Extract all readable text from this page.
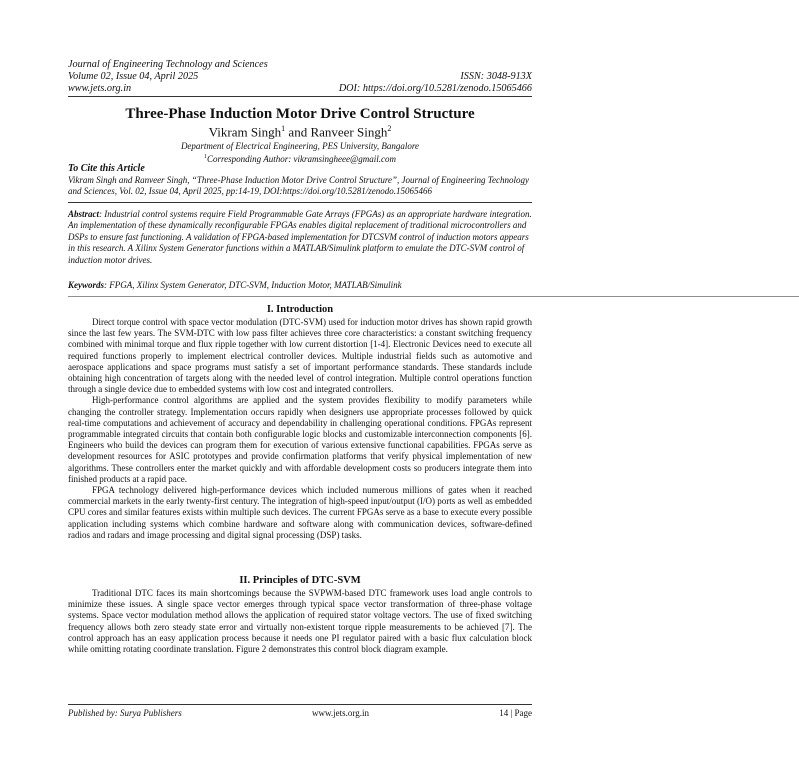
Journal of Engineering Technology and Sciences
Volume 02, Issue 04, April 2025	ISSN: 3048-913X
www.jets.org.in	DOI: https://doi.org/10.5281/zenodo.15065466
Three-Phase Induction Motor Drive Control Structure
Vikram Singh$^1$ and Ranveer Singh$^2$
Department of Electrical Engineering, PES University, Bangalore
$^1$Corresponding Author: vikramsingheee@gmail.com
To Cite this Article
Vikram Singh and Ranveer Singh, “Three-Phase Induction Motor Drive Control Structure”, Journal of Engineering Technology and Sciences, Vol. 02, Issue 04, April 2025, pp:14-19, DOI:https://doi.org/10.5281/zenodo.15065466
Abstract: Industrial control systems require Field Programmable Gate Arrays (FPGAs) as an appropriate hardware integration. An implementation of these dynamically reconfigurable FPGAs enables digital replacement of traditional microcontrollers and DSPs to ensure fast functioning. A validation of FPGA-based implementation for DTCSVM control of induction motors appears in this research. A Xilinx System Generator functions within a MATLAB/Simulink platform to emulate the DTC-SVM control of induction motor drives.
Keywords: FPGA, Xilinx System Generator, DTC-SVM, Induction Motor, MATLAB/Simulink
——————————————————————————————————————————————————————————————————————————————————————
I. Introduction

Direct torque control with space vector modulation (DTC-SVM) used for induction motor drives has shown rapid growth since the last few years. The SVM-DTC with low pass filter achieves three core characteristics: a constant switching frequency combined with minimal torque and flux ripple together with low current distortion [1-4]. Electronic Devices need to execute all required functions properly to implement electrical controller devices. Multiple industrial fields such as automotive and aerospace applications and space programs must satisfy a set of important performance standards. These standards include obtaining high concentration of targets along with the needed level of control integration. Multiple control operations function through a single device due to embedded systems with low cost and integrated controllers.

High-performance control algorithms are applied and the system provides flexibility to modify parameters while changing the controller strategy. Implementation occurs rapidly when designers use appropriate processes followed by quick real-time computations and achievement of accuracy and dependability in challenging operational conditions. FPGAs represent programmable integrated circuits that contain both configurable logic blocks and customizable interconnection components [6]. Engineers who build the devices can program them for execution of various extensive functional capabilities. FPGAs serve as development resources for ASIC prototypes and provide confirmation platforms that verify physical implementation of new algorithms. These controllers enter the market quickly and with affordable development costs so producers integrate them into finished products at a rapid pace.

FPGA technology delivered high-performance devices which included numerous millions of gates when it reached commercial markets in the early twenty-first century. The integration of high-speed input/output (I/O) ports as well as embedded CPU cores and similar features exists within multiple such devices. The current FPGAs serve as a base to execute every possible application including systems which combine hardware and software along with communication devices, software-defined radios and radars and image processing and digital signal processing (DSP) tasks.

II. Principles of DTC-SVM

Traditional DTC faces its main shortcomings because the SVPWM-based DTC framework uses load angle controls to minimize these issues. A single space vector emerges through typical space vector transformation of three-phase voltage systems. Space vector modulation method allows the application of required stator voltage vectors. The use of fixed switching frequency allows both zero steady state error and virtually non-existent torque ripple measurements to be achieved [7]. The control approach has an easy application process because it needs one PI regulator paired with a basic flux calculation block while omitting rotating coordinate translation. Figure 2 demonstrates this control block diagram example.

Published by: Surya Publishers	www.jets.org.in	14 | Page
